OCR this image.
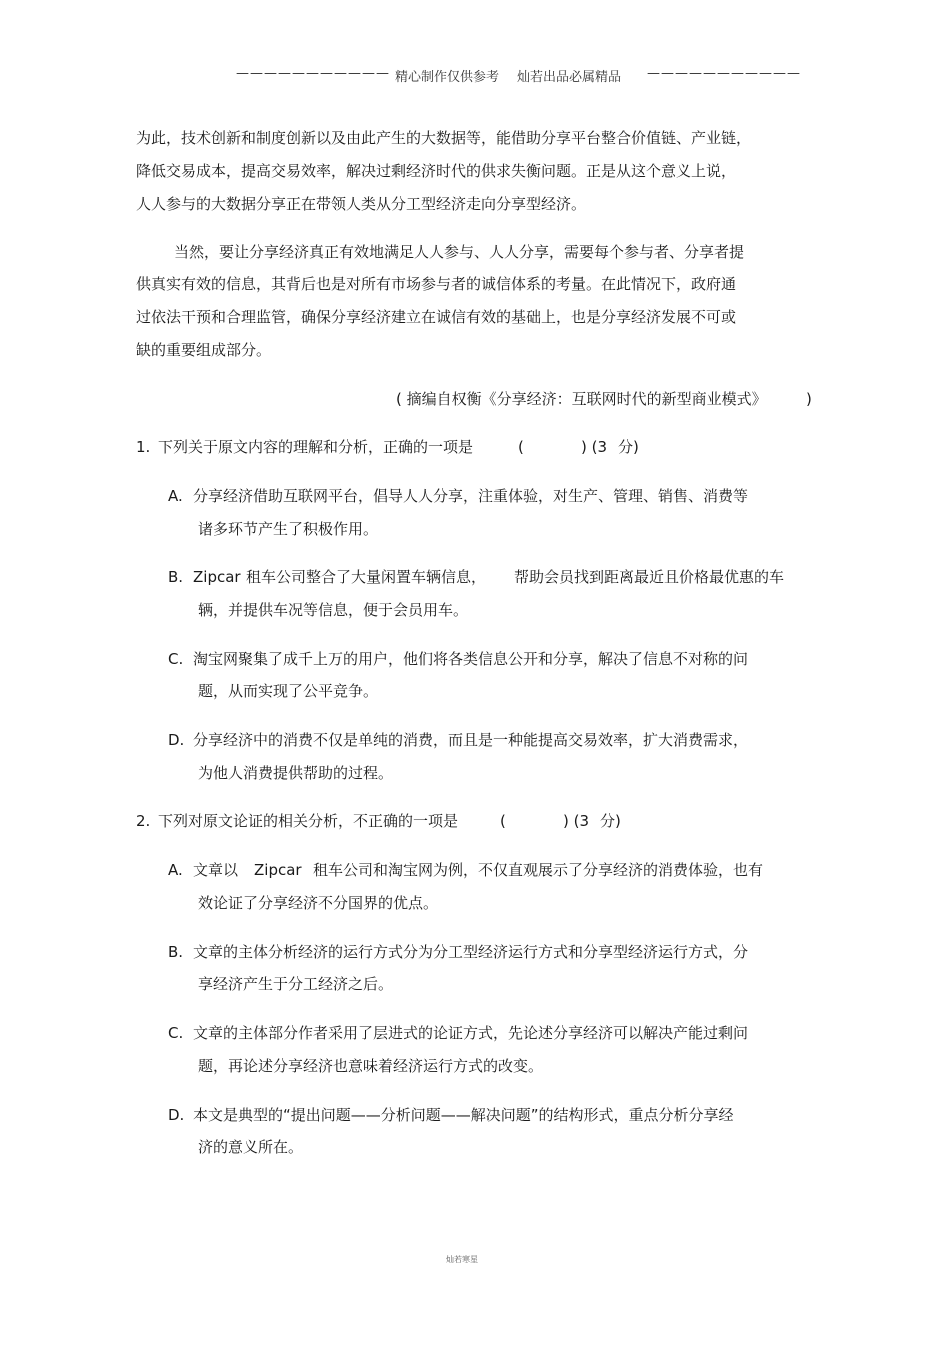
——————————— 精心制作仅供参考 灿若出品必属精品 ———————————
为此，技术创新和制度创新以及由此产生的大数据等，能借助分享平台整合价值链、产业链，
降低交易成本，提高交易效率，解决过剩经济时代的供求失衡问题。正是从这个意义上说，
人人参与的大数据分享正在带领人类从分工型经济走向分享型经济。
当然，要让分享经济真正有效地满足人人参与、人人分享，需要每个参与者、分享者提
供真实有效的信息，其背后也是对所有市场参与者的诚信体系的考量。在此情况下，政府通
过依法干预和合理监管，确保分享经济建立在诚信有效的基础上，也是分享经济发展不可或
缺的重要组成部分。
( 摘编自权衡《分享经济：互联网时代的新型商业模式》	)
1. 下列关于原文内容的理解和分析，正确的一项是	(	) (3 分)
A. 分享经济借助互联网平台，倡导人人分享，注重体验，对生产、管理、销售、消费等
诸多环节产生了积极作用。
B. Zipcar 租车公司整合了大量闲置车辆信息， 帮助会员找到距离最近且价格最优惠的车
辆，并提供车况等信息，便于会员用车。
C. 淘宝网聚集了成千上万的用户，他们将各类信息公开和分享，解决了信息不对称的问
题，从而实现了公平竞争。
D. 分享经济中的消费不仅是单纯的消费，而且是一种能提高交易效率，扩大消费需求，
为他人消费提供帮助的过程。
2. 下列对原文论证的相关分析，不正确的一项是	(	) (3 分)
A. 文章以 Zipcar 租车公司和淘宝网为例，不仅直观展示了分享经济的消费体验，也有
效论证了分享经济不分国界的优点。
B. 文章的主体分析经济的运行方式分为分工型经济运行方式和分享型经济运行方式，分
享经济产生于分工经济之后。
C. 文章的主体部分作者采用了层进式的论证方式，先论述分享经济可以解决产能过剩问
题，再论述分享经济也意味着经济运行方式的改变。
D. 本文是典型的“提出问题——分析问题——解决问题”的结构形式，重点分析分享经
济的意义所在。
灿若寒星
